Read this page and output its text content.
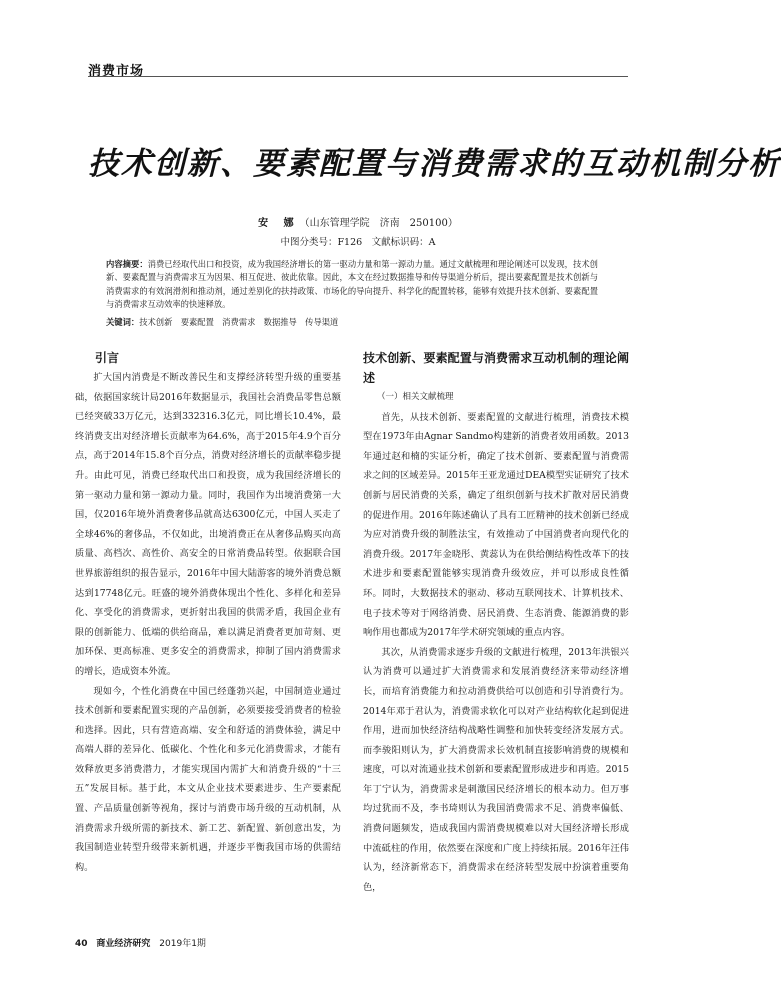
消费市场
技术创新、要素配置与消费需求的互动机制分析
安 娜（山东管理学院　济南　250100）
中图分类号：F126　文献标识码：A
内容摘要：消费已经取代出口和投资，成为我国经济增长的第一驱动力量和第一源动力量。通过文献梳理和理论阐述可以发现，技术创新、要素配置与消费需求互为因果、相互促进、彼此依靠。因此，本文在经过数据推导和传导渠道分析后，提出要素配置是技术创新与消费需求的有效润滑剂和推动剂，通过差别化的扶持政策、市场化的导向提升、科学化的配置转移，能够有效提升技术创新、要素配置与消费需求互动效率的快速释放。
关键词：技术创新　要素配置　消费需求　数据推导　传导渠道
引言

扩大国内消费是不断改善民生和支撑经济转型升级的重要基础，依据国家统计局2016年数据显示，我国社会消费品零售总额已经突破33万亿元，达到332316.3亿元，同比增长10.4%，最终消费支出对经济增长贡献率为64.6%，高于2015年4.9个百分点，高于2014年15.8个百分点，消费对经济增长的贡献率稳步提升。由此可见，消费已经取代出口和投资，成为我国经济增长的第一驱动力量和第一源动力量。同时，我国作为出境消费第一大国，仅2016年境外消费奢侈品就高达6300亿元，中国人买走了全球46%的奢侈品，不仅如此，出境消费正在从奢侈品购买向高质量、高档次、高性价、高安全的日常消费品转型。依据联合国世界旅游组织的报告显示，2016年中国大陆游客的境外消费总额达到17748亿元。旺盛的境外消费体现出个性化、多样化和差异化、享受化的消费需求，更折射出我国的供需矛盾，我国企业有限的创新能力、低端的供给商品，难以满足消费者更加苛刻、更加环保、更高标准、更多安全的消费需求，抑制了国内消费需求的增长，造成资本外流。

现如今，个性化消费在中国已经蓬勃兴起，中国制造业通过技术创新和要素配置实现的产品创新，必须要接受消费者的检验和选择。因此，只有营造高端、安全和舒适的消费体验，满足中高端人群的差异化、低碳化、个性化和多元化消费需求，才能有效释放更多消费潜力，才能实现国内需扩大和消费升级的“十三五”发展目标。基于此，本文从企业技术要素进步、生产要素配置、产品质量创新等视角，探讨与消费市场升级的互动机制，从消费需求升级所需的新技术、新工艺、新配置、新创意出发，为我国制造业转型升级带来新机遇，并逐步平衡我国市场的供需结构。

技术创新、要素配置与消费需求互动机制的理论阐述
（一）相关文献梳理

首先，从技术创新、要素配置的文献进行梳理，消费技术模型在1973年由Agnar Sandmo构建新的消费者效用函数。2013年通过赵和楠的实证分析，确定了技术创新、要素配置与消费需求之间的区域差异。2015年王亚龙通过DEA模型实证研究了技术创新与居民消费的关系，确定了组织创新与技术扩散对居民消费的促进作用。2016年陈述确认了具有工匠精神的技术创新已经成为应对消费升级的制胜法宝，有效推动了中国消费者向现代化的消费升级。2017年金晓彤、黄蕊认为在供给侧结构性改革下的技术进步和要素配置能够实现消费升级效应，并可以形成良性循环。同时，大数据技术的驱动、移动互联网技术、计算机技术、电子技术等对于网络消费、居民消费、生态消费、能源消费的影响作用也都成为2017年学术研究领域的重点内容。

其次，从消费需求逐步升级的文献进行梳理，2013年洪银兴认为消费可以通过扩大消费需求和发展消费经济来带动经济增长，而培育消费能力和拉动消费供给可以创造和引导消费行为。2014年邓于君认为，消费需求软化可以对产业结构软化起到促进作用，进而加快经济结构战略性调整和加快转变经济发展方式。而李骏阳则认为，扩大消费需求长效机制直接影响消费的规模和速度，可以对流通业技术创新和要素配置形成进步和再造。2015年丁宁认为，消费需求是刺激国民经济增长的根本动力。但万事均过犹而不及，李书琦则认为我国消费需求不足、消费率偏低、消费问题频发，造成我国内需消费规模难以对大国经济增长形成中流砥柱的作用，依然要在深度和广度上持续拓展。2016年汪伟认为，经济新常态下，消费需求在经济转型发展中扮演着重要角色，

40 商业经济研究 2019年1期
